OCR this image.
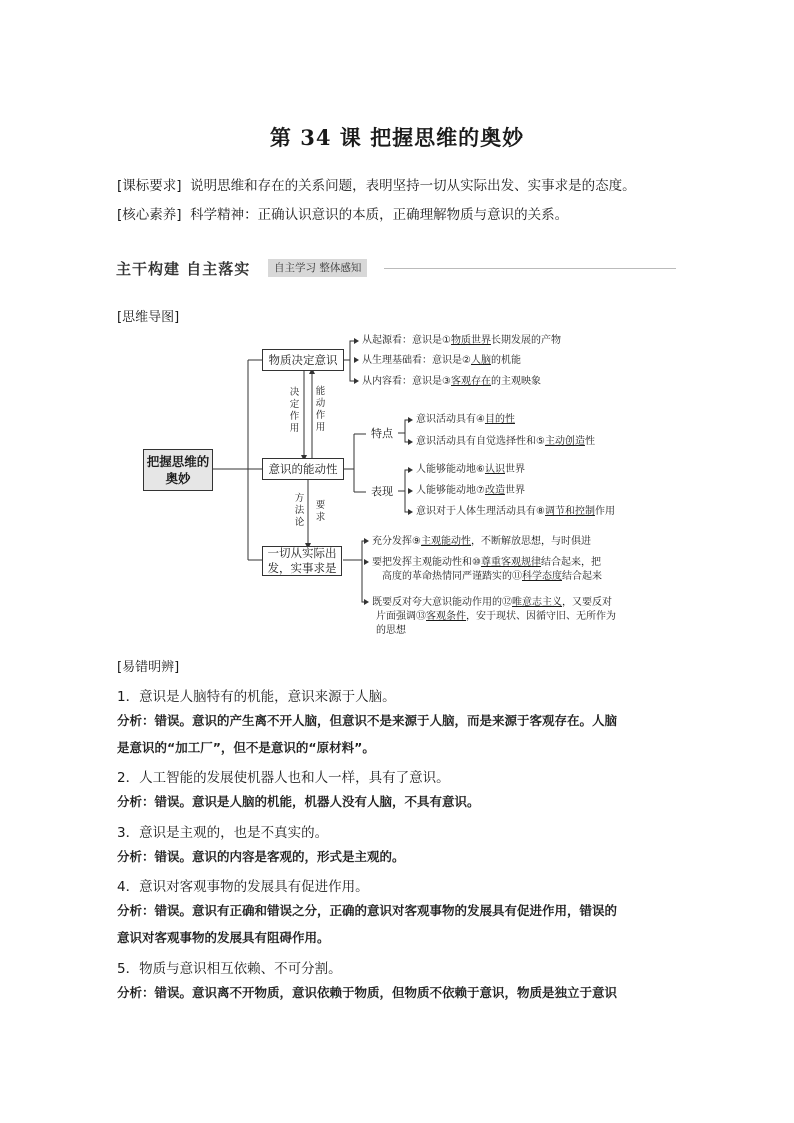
第 34 课 把握思维的奥妙
[课标要求] 说明思维和存在的关系问题，表明坚持一切从实际出发、实事求是的态度。
[核心素养] 科学精神：正确认识意识的本质，正确理解物质与意识的关系。
主干构建 自主落实	自主学习 整体感知
[思维导图]
把握思维的奥妙
物质决定意识
意识的能动性
一切从实际出发，实事求是
决定作用
能动作用
方法论
要求
从起源看：意识是①物质世界长期发展的产物
从生理基础看：意识是②人脑的机能
从内容看：意识是③客观存在的主观映象
特点
意识活动具有④目的性
意识活动具有自觉选择性和⑤主动创造性
表现
人能够能动地⑥认识世界
人能够能动地⑦改造世界
意识对于人体生理活动具有⑧调节和控制作用
充分发挥⑨主观能动性，不断解放思想，与时俱进
要把发挥主观能动性和⑩尊重客观规律结合起来，把
高度的革命热情同严谨踏实的⑪科学态度结合起来
既要反对夸大意识能动作用的⑫唯意志主义，又要反对
片面强调⑬客观条件，安于现状、因循守旧、无所作为
的思想
[易错明辨]
1．意识是人脑特有的机能，意识来源于人脑。
分析：错误。意识的产生离不开人脑，但意识不是来源于人脑，而是来源于客观存在。人脑
是意识的“加工厂”，但不是意识的“原材料”。
2．人工智能的发展使机器人也和人一样，具有了意识。
分析：错误。意识是人脑的机能，机器人没有人脑，不具有意识。
3．意识是主观的，也是不真实的。
分析：错误。意识的内容是客观的，形式是主观的。
4．意识对客观事物的发展具有促进作用。
分析：错误。意识有正确和错误之分，正确的意识对客观事物的发展具有促进作用，错误的
意识对客观事物的发展具有阻碍作用。
5．物质与意识相互依赖、不可分割。
分析：错误。意识离不开物质，意识依赖于物质，但物质不依赖于意识，物质是独立于意识
